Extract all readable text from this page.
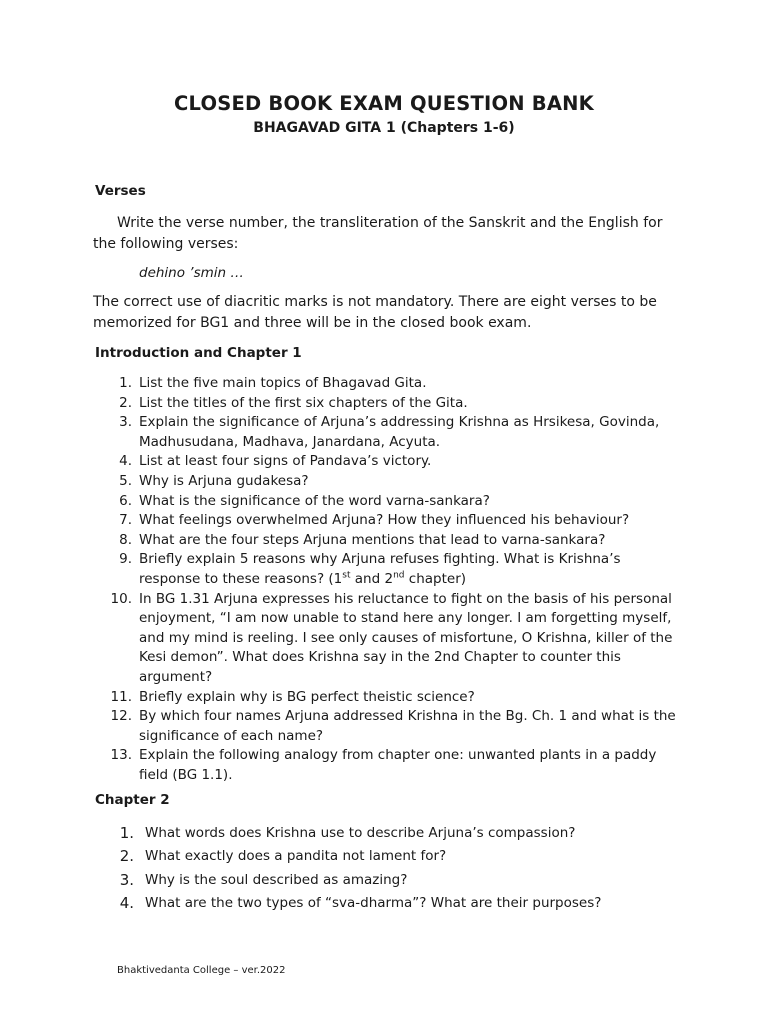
CLOSED BOOK EXAM QUESTION BANK
BHAGAVAD GITA 1 (Chapters 1-6)
Verses
Write the verse number, the transliteration of the Sanskrit and the English for the following verses:
dehino ’smin …
The correct use of diacritic marks is not mandatory. There are eight verses to be memorized for BG1 and three will be in the closed book exam.
Introduction and Chapter 1
1. List the five main topics of Bhagavad Gita.
2. List the titles of the first six chapters of the Gita.
3. Explain the significance of Arjuna’s addressing Krishna as Hrsikesa, Govinda, Madhusudana, Madhava, Janardana, Acyuta.
4. List at least four signs of Pandava’s victory.
5. Why is Arjuna gudakesa?
6. What is the significance of the word varna-sankara?
7. What feelings overwhelmed Arjuna? How they influenced his behaviour?
8. What are the four steps Arjuna mentions that lead to varna-sankara?
9. Briefly explain 5 reasons why Arjuna refuses fighting. What is Krishna’s response to these reasons? (1st and 2nd chapter)
10. In BG 1.31 Arjuna expresses his reluctance to fight on the basis of his personal enjoyment, “I am now unable to stand here any longer. I am forgetting myself, and my mind is reeling. I see only causes of misfortune, O Krishna, killer of the Kesi demon”. What does Krishna say in the 2nd Chapter to counter this argument?
11. Briefly explain why is BG perfect theistic science?
12. By which four names Arjuna addressed Krishna in the Bg. Ch. 1 and what is the significance of each name?
13. Explain the following analogy from chapter one: unwanted plants in a paddy field (BG 1.1).
Chapter 2
1. What words does Krishna use to describe Arjuna’s compassion?
2. What exactly does a pandita not lament for?
3. Why is the soul described as amazing?
4. What are the two types of “sva-dharma”? What are their purposes?
Bhaktivedanta College – ver.2022
